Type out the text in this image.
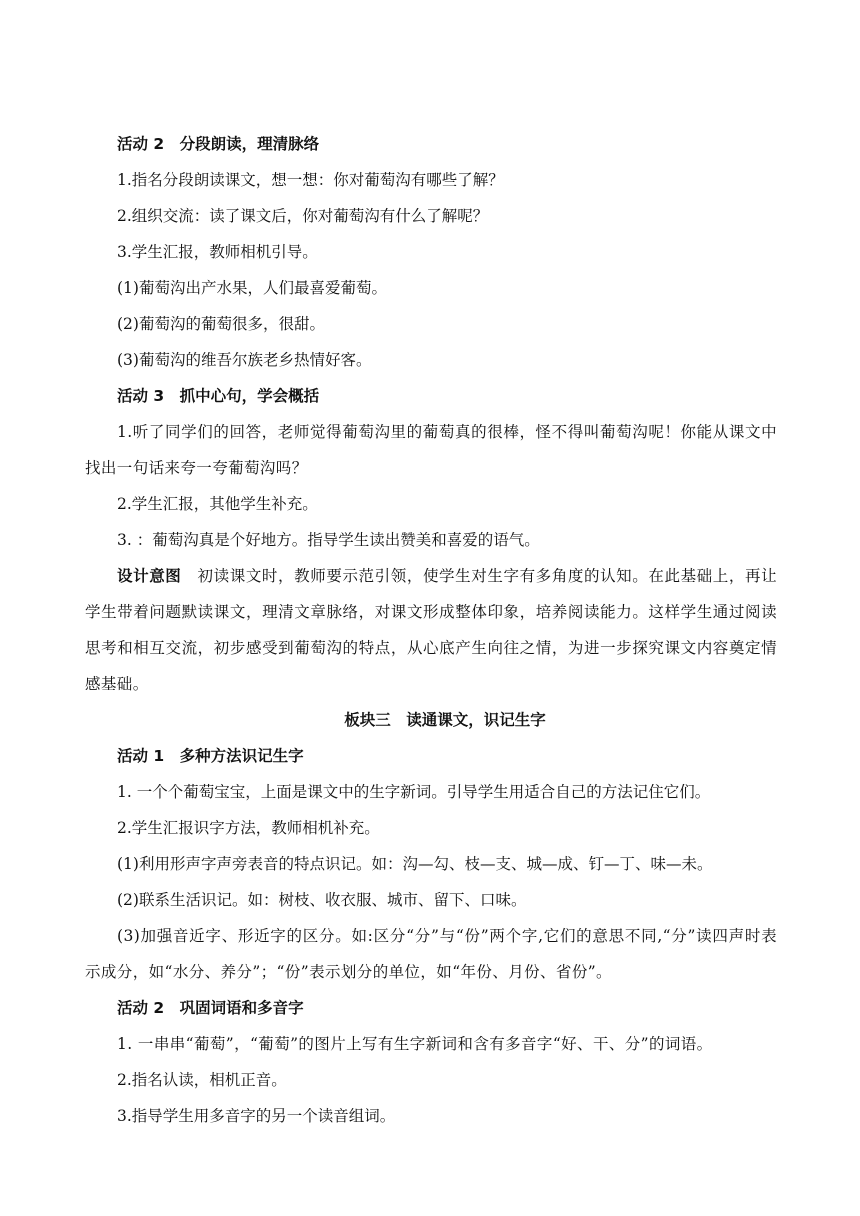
活动 2　分段朗读，理清脉络
1.指名分段朗读课文，想一想：你对葡萄沟有哪些了解？
2.组织交流：读了课文后，你对葡萄沟有什么了解呢？
3.学生汇报，教师相机引导。
(1)葡萄沟出产水果，人们最喜爱葡萄。
(2)葡萄沟的葡萄很多，很甜。
(3)葡萄沟的维吾尔族老乡热情好客。
活动 3　抓中心句，学会概括
1.听了同学们的回答，老师觉得葡萄沟里的葡萄真的很棒，怪不得叫葡萄沟呢！你能从课文中找出一句话来夸一夸葡萄沟吗？
2.学生汇报，其他学生补充。
3. ：葡萄沟真是个好地方。指导学生读出赞美和喜爱的语气。
设计意图　初读课文时，教师要示范引领，使学生对生字有多角度的认知。在此基础上，再让学生带着问题默读课文，理清文章脉络，对课文形成整体印象，培养阅读能力。这样学生通过阅读思考和相互交流，初步感受到葡萄沟的特点，从心底产生向往之情，为进一步探究课文内容奠定情感基础。
板块三　读通课文，识记生字
活动 1　多种方法识记生字
1. 一个个葡萄宝宝，上面是课文中的生字新词。引导学生用适合自己的方法记住它们。
2.学生汇报识字方法，教师相机补充。
(1)利用形声字声旁表音的特点识记。如：沟—勾、枝—支、城—成、钉—丁、味—未。
(2)联系生活识记。如：树枝、收衣服、城市、留下、口味。
(3)加强音近字、形近字的区分。如:区分“分”与“份”两个字,它们的意思不同,“分”读四声时表示成分，如“水分、养分”；“份”表示划分的单位，如“年份、月份、省份”。
活动 2　巩固词语和多音字
1. 一串串“葡萄”，“葡萄”的图片上写有生字新词和含有多音字“好、干、分”的词语。
2.指名认读，相机正音。
3.指导学生用多音字的另一个读音组词。
